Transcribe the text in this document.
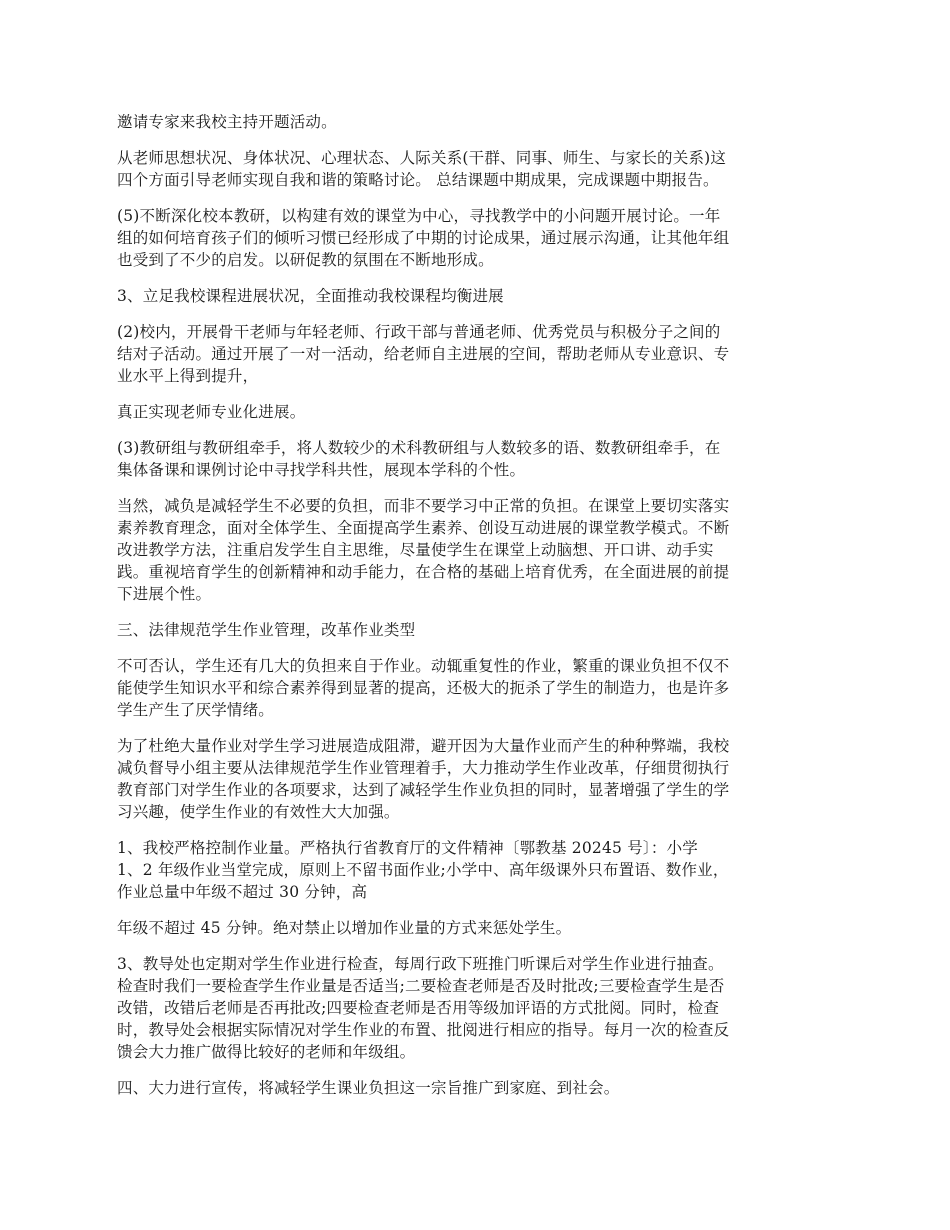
邀请专家来我校主持开题活动。

从老师思想状况、身体状况、心理状态、人际关系(干群、同事、师生、与家长的关系)这
四个方面引导老师实现自我和谐的策略讨论。 总结课题中期成果，完成课题中期报告。

(5)不断深化校本教研，以构建有效的课堂为中心，寻找教学中的小问题开展讨论。一年
组的如何培育孩子们的倾听习惯已经形成了中期的讨论成果，通过展示沟通，让其他年组
也受到了不少的启发。以研促教的氛围在不断地形成。

3、立足我校课程进展状况，全面推动我校课程均衡进展

(2)校内，开展骨干老师与年轻老师、行政干部与普通老师、优秀党员与积极分子之间的
结对子活动。通过开展了一对一活动，给老师自主进展的空间，帮助老师从专业意识、专
业水平上得到提升，

真正实现老师专业化进展。

(3)教研组与教研组牵手，将人数较少的术科教研组与人数较多的语、数教研组牵手，在
集体备课和课例讨论中寻找学科共性，展现本学科的个性。

当然，减负是减轻学生不必要的负担，而非不要学习中正常的负担。在课堂上要切实落实
素养教育理念，面对全体学生、全面提高学生素养、创设互动进展的课堂教学模式。不断
改进教学方法，注重启发学生自主思维，尽量使学生在课堂上动脑想、开口讲、动手实
践。重视培育学生的创新精神和动手能力，在合格的基础上培育优秀，在全面进展的前提
下进展个性。

三、法律规范学生作业管理，改革作业类型

不可否认，学生还有几大的负担来自于作业。动辄重复性的作业，繁重的课业负担不仅不
能使学生知识水平和综合素养得到显著的提高，还极大的扼杀了学生的制造力，也是许多
学生产生了厌学情绪。

为了杜绝大量作业对学生学习进展造成阻滞，避开因为大量作业而产生的种种弊端，我校
减负督导小组主要从法律规范学生作业管理着手，大力推动学生作业改革，仔细贯彻执行
教育部门对学生作业的各项要求，达到了减轻学生作业负担的同时，显著增强了学生的学
习兴趣，使学生作业的有效性大大加强。

1、我校严格控制作业量。严格执行省教育厅的文件精神〔鄂教基 20245 号〕：小学
1、2 年级作业当堂完成，原则上不留书面作业;小学中、高年级课外只布置语、数作业，
作业总量中年级不超过 30 分钟，高

年级不超过 45 分钟。绝对禁止以增加作业量的方式来惩处学生。

3、教导处也定期对学生作业进行检查，每周行政下班推门听课后对学生作业进行抽查。
检查时我们一要检查学生作业量是否适当;二要检查老师是否及时批改;三要检查学生是否
改错，改错后老师是否再批改;四要检查老师是否用等级加评语的方式批阅。同时，检查
时，教导处会根据实际情况对学生作业的布置、批阅进行相应的指导。每月一次的检查反
馈会大力推广做得比较好的老师和年级组。

四、大力进行宣传，将减轻学生课业负担这一宗旨推广到家庭、到社会。
